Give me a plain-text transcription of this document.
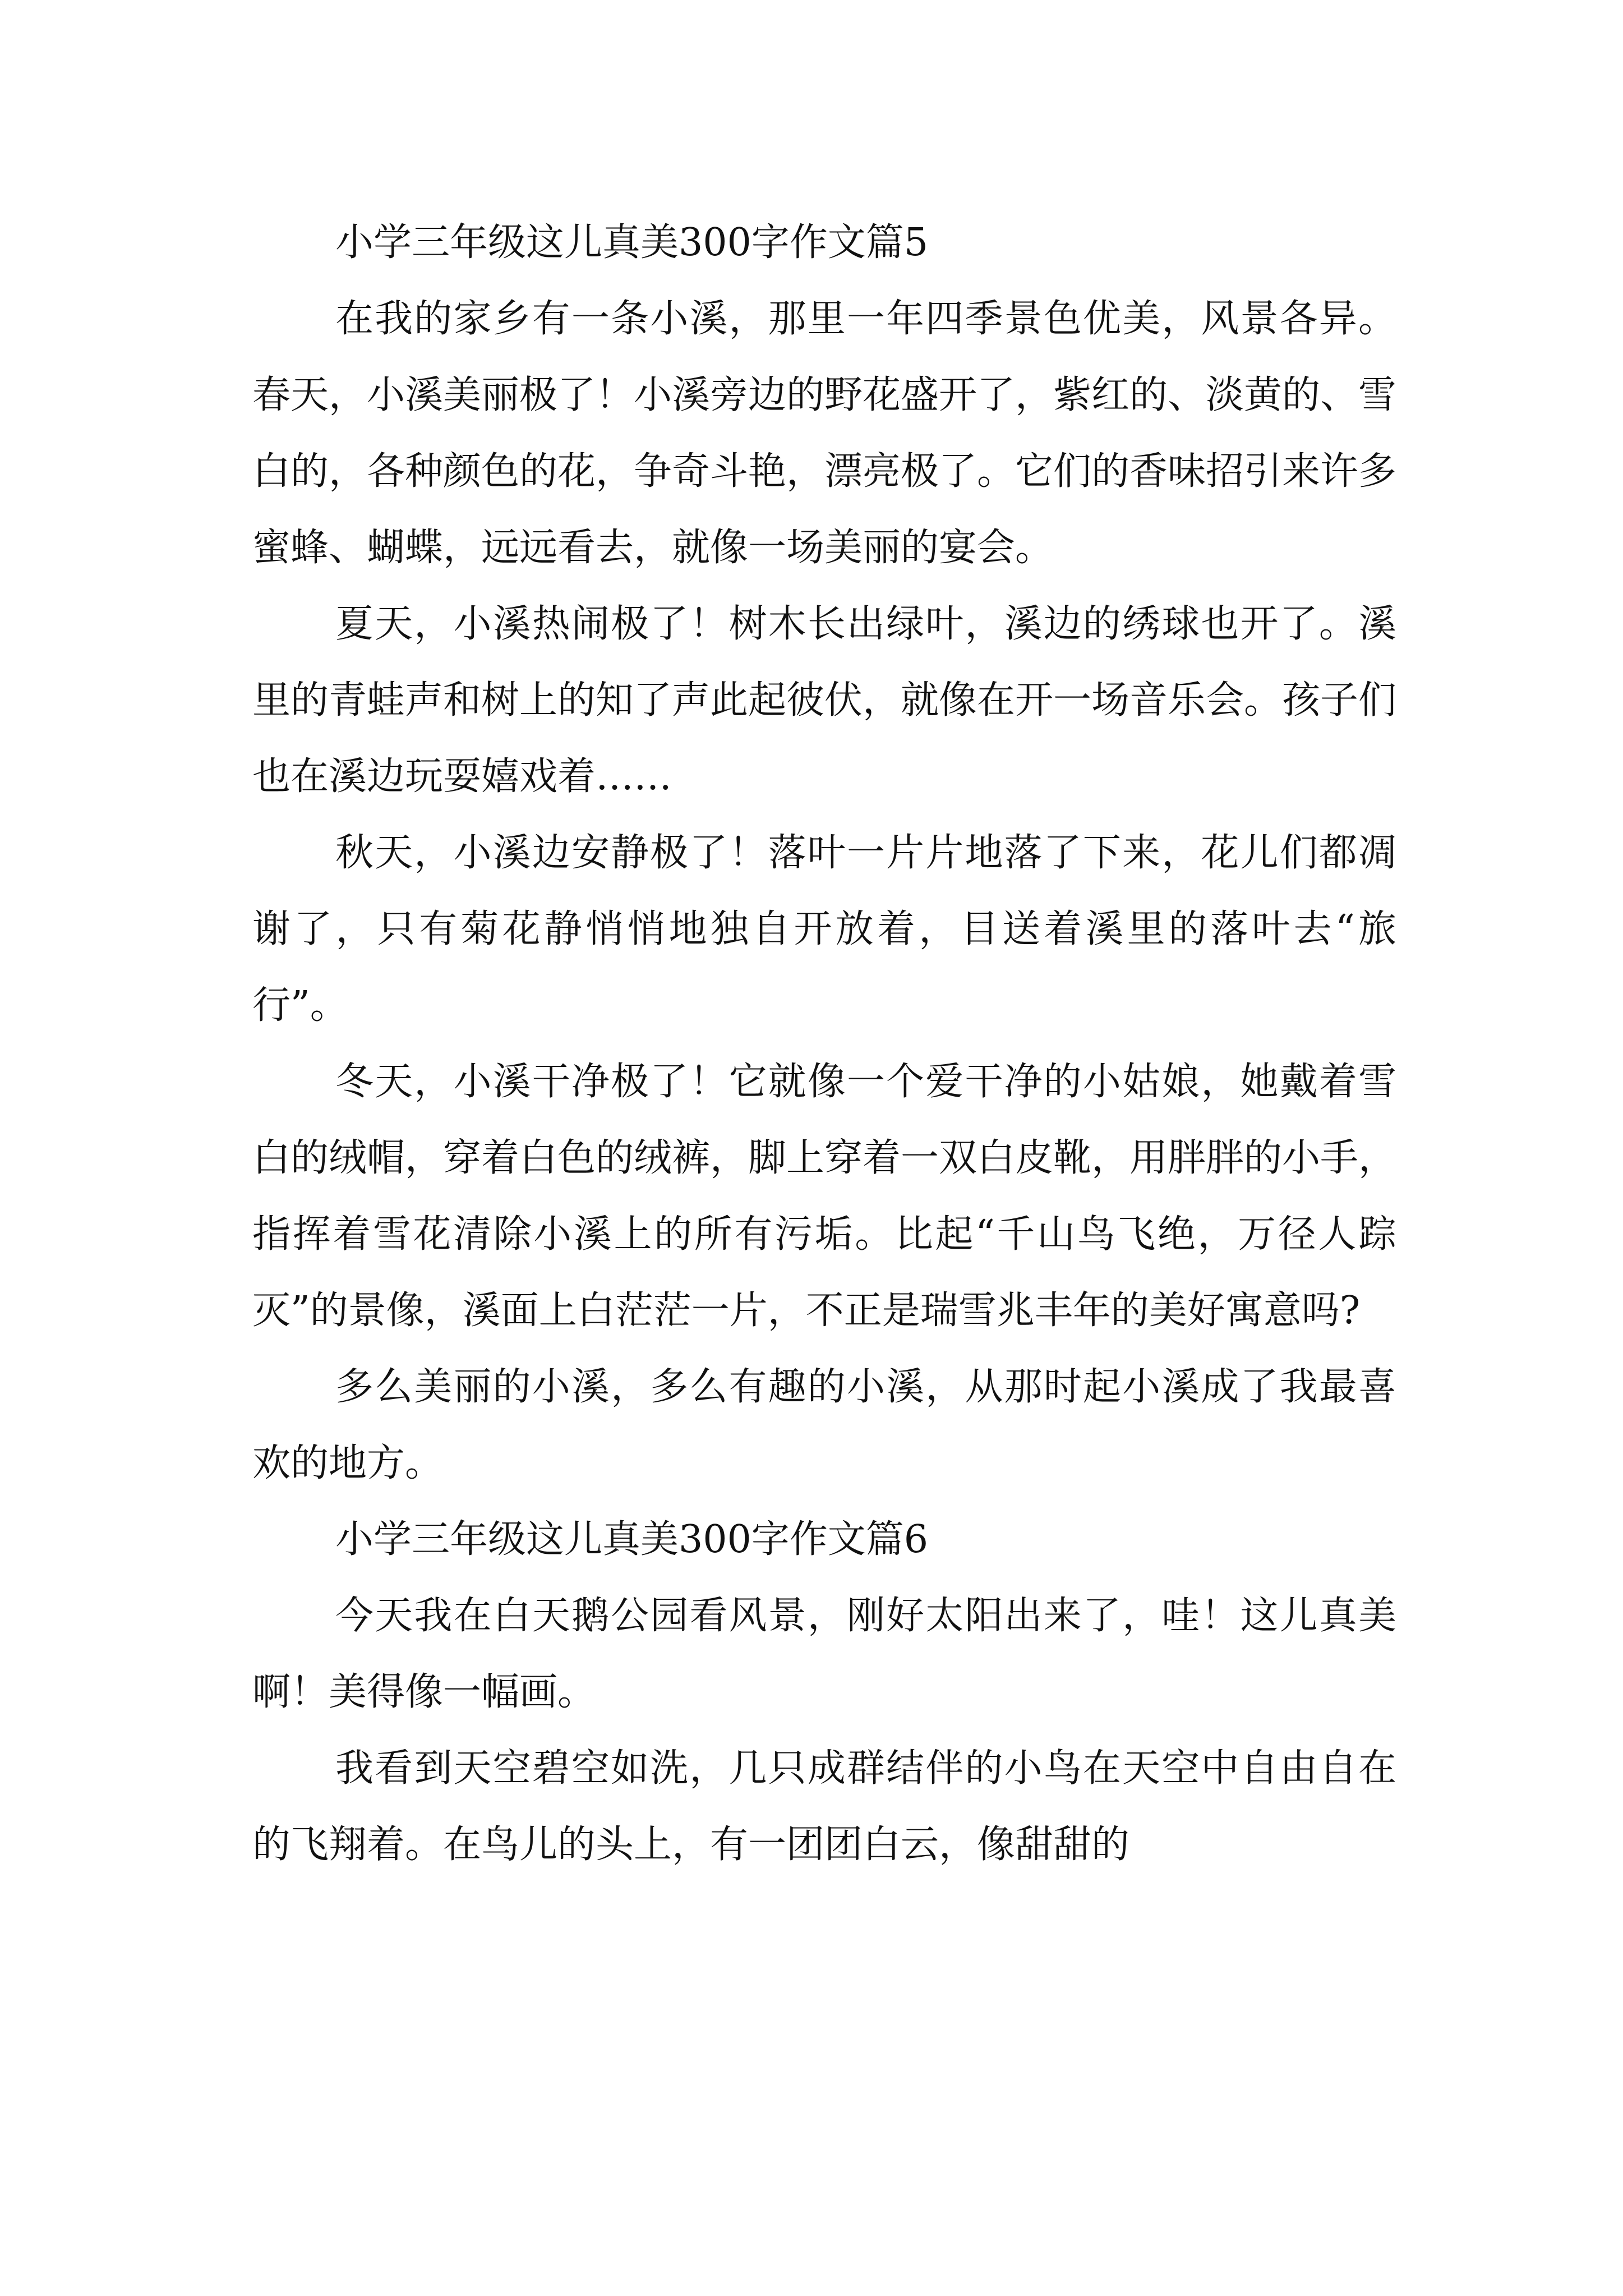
小学三年级这儿真美300字作文篇5

在我的家乡有一条小溪，那里一年四季景色优美，风景各异。春天，小溪美丽极了！小溪旁边的野花盛开了，紫红的、淡黄的、雪白的，各种颜色的花，争奇斗艳，漂亮极了。它们的香味招引来许多蜜蜂、蝴蝶，远远看去，就像一场美丽的宴会。

夏天，小溪热闹极了！树木长出绿叶，溪边的绣球也开了。溪里的青蛙声和树上的知了声此起彼伏，就像在开一场音乐会。孩子们也在溪边玩耍嬉戏着……

秋天，小溪边安静极了！落叶一片片地落了下来，花儿们都凋谢了，只有菊花静悄悄地独自开放着，目送着溪里的落叶去“旅行”。

冬天，小溪干净极了！它就像一个爱干净的小姑娘，她戴着雪白的绒帽，穿着白色的绒裤，脚上穿着一双白皮靴，用胖胖的小手，指挥着雪花清除小溪上的所有污垢。比起“千山鸟飞绝，万径人踪灭”的景像，溪面上白茫茫一片，不正是瑞雪兆丰年的美好寓意吗?

多么美丽的小溪，多么有趣的小溪，从那时起小溪成了我最喜欢的地方。

小学三年级这儿真美300字作文篇6

今天我在白天鹅公园看风景，刚好太阳出来了，哇！这儿真美啊！美得像一幅画。

我看到天空碧空如洗，几只成群结伴的小鸟在天空中自由自在的飞翔着。在鸟儿的头上，有一团团白云，像甜甜的
